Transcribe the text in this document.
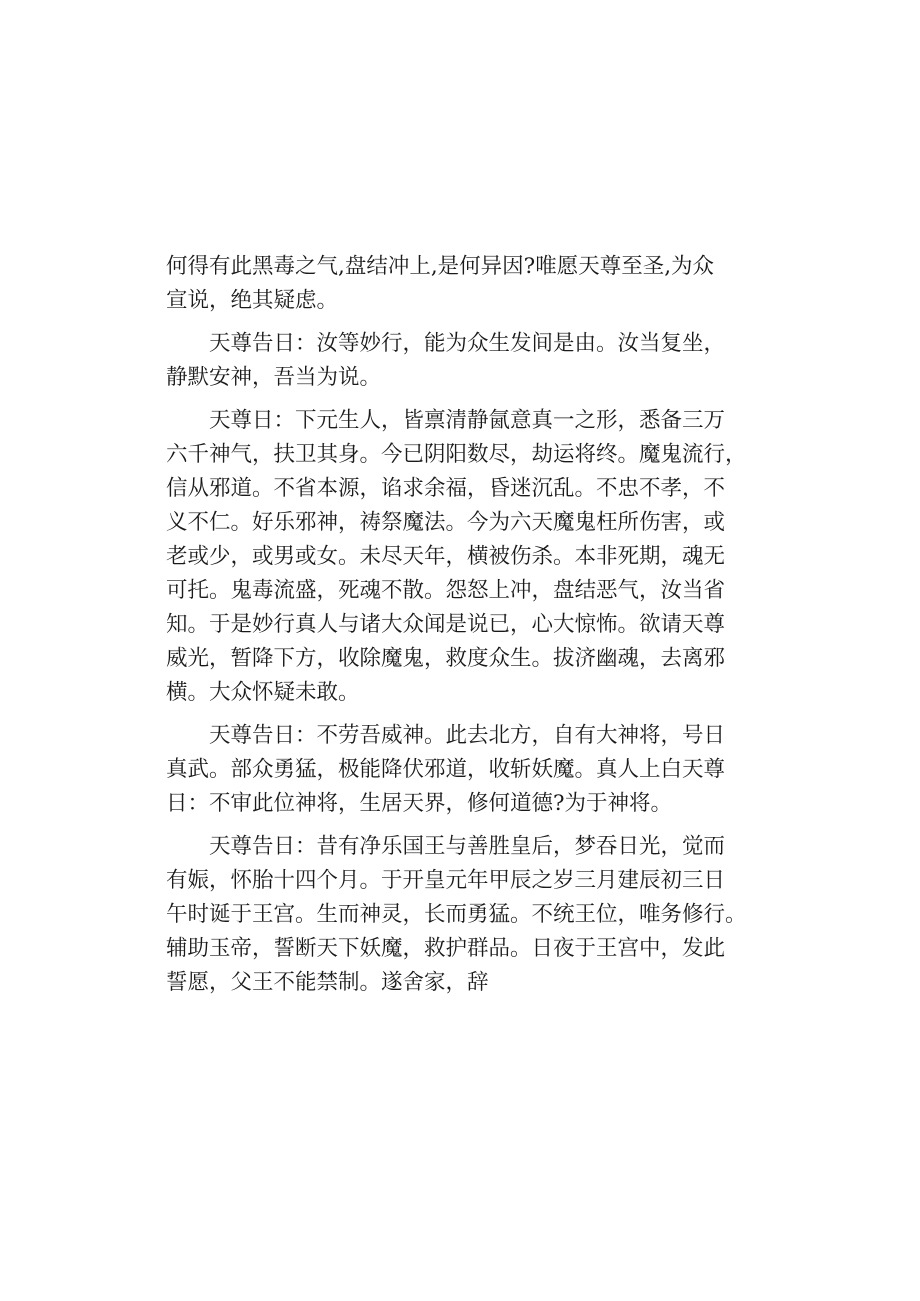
何得有此黑毒之气,盘结冲上,是何异因?唯愿天尊至圣,为众
宣说，绝其疑虑。
天尊告日：汝等妙行，能为众生发间是由。汝当复坐，
静默安神，吾当为说。
天尊日：下元生人，皆禀清静氤意真一之形，悉备三万
六千神气，扶卫其身。今已阴阳数尽，劫运将终。魔鬼流行，
信从邪道。不省本源，谄求余福，昏迷沉乱。不忠不孝，不
义不仁。好乐邪神，祷祭魔法。今为六天魔鬼枉所伤害，或
老或少，或男或女。未尽天年，横被伤杀。本非死期，魂无
可托。鬼毒流盛，死魂不散。怨怒上冲，盘结恶气，汝当省
知。于是妙行真人与诸大众闻是说已，心大惊怖。欲请天尊
威光，暂降下方，收除魔鬼，救度众生。拔济幽魂，去离邪
横。大众怀疑未敢。
天尊告日：不劳吾威神。此去北方，自有大神将，号日
真武。部众勇猛，极能降伏邪道，收斩妖魔。真人上白天尊
日：不审此位神将，生居天界，修何道德?为于神将。
天尊告日：昔有净乐国王与善胜皇后，梦吞日光，觉而
有娠，怀胎十四个月。于开皇元年甲辰之岁三月建辰初三日
午时诞于王宫。生而神灵，长而勇猛。不统王位，唯务修行。
辅助玉帝，誓断天下妖魔，救护群品。日夜于王宫中，发此
誓愿，父王不能禁制。遂舍家，辞
